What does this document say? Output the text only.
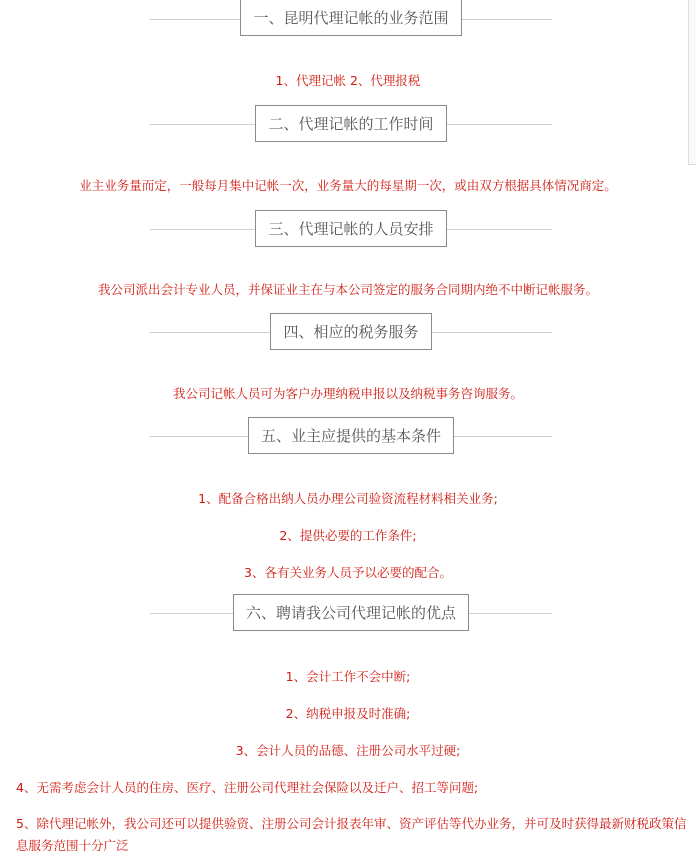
一、昆明代理记帐的业务范围
1、代理记帐 2、代理报税
二、代理记帐的工作时间
业主业务量而定，一般每月集中记帐一次，业务量大的每星期一次，或由双方根据具体情况商定。
三、代理记帐的人员安排
我公司派出会计专业人员，并保证业主在与本公司签定的服务合同期内绝不中断记帐服务。
四、相应的税务服务
我公司记帐人员可为客户办理纳税申报以及纳税事务咨询服务。
五、业主应提供的基本条件
1、配备合格出纳人员办理公司验资流程材料相关业务;
2、提供必要的工作条件;
3、各有关业务人员予以必要的配合。
六、聘请我公司代理记帐的优点
1、会计工作不会中断;
2、纳税申报及时准确;
3、会计人员的品德、注册公司水平过硬;
4、无需考虑会计人员的住房、医疗、注册公司代理社会保险以及迁户、招工等问题;
5、除代理记帐外，我公司还可以提供验资、注册公司会计报表年审、资产评估等代办业务，并可及时获得最新财税政策信息服务范围十分广泛
